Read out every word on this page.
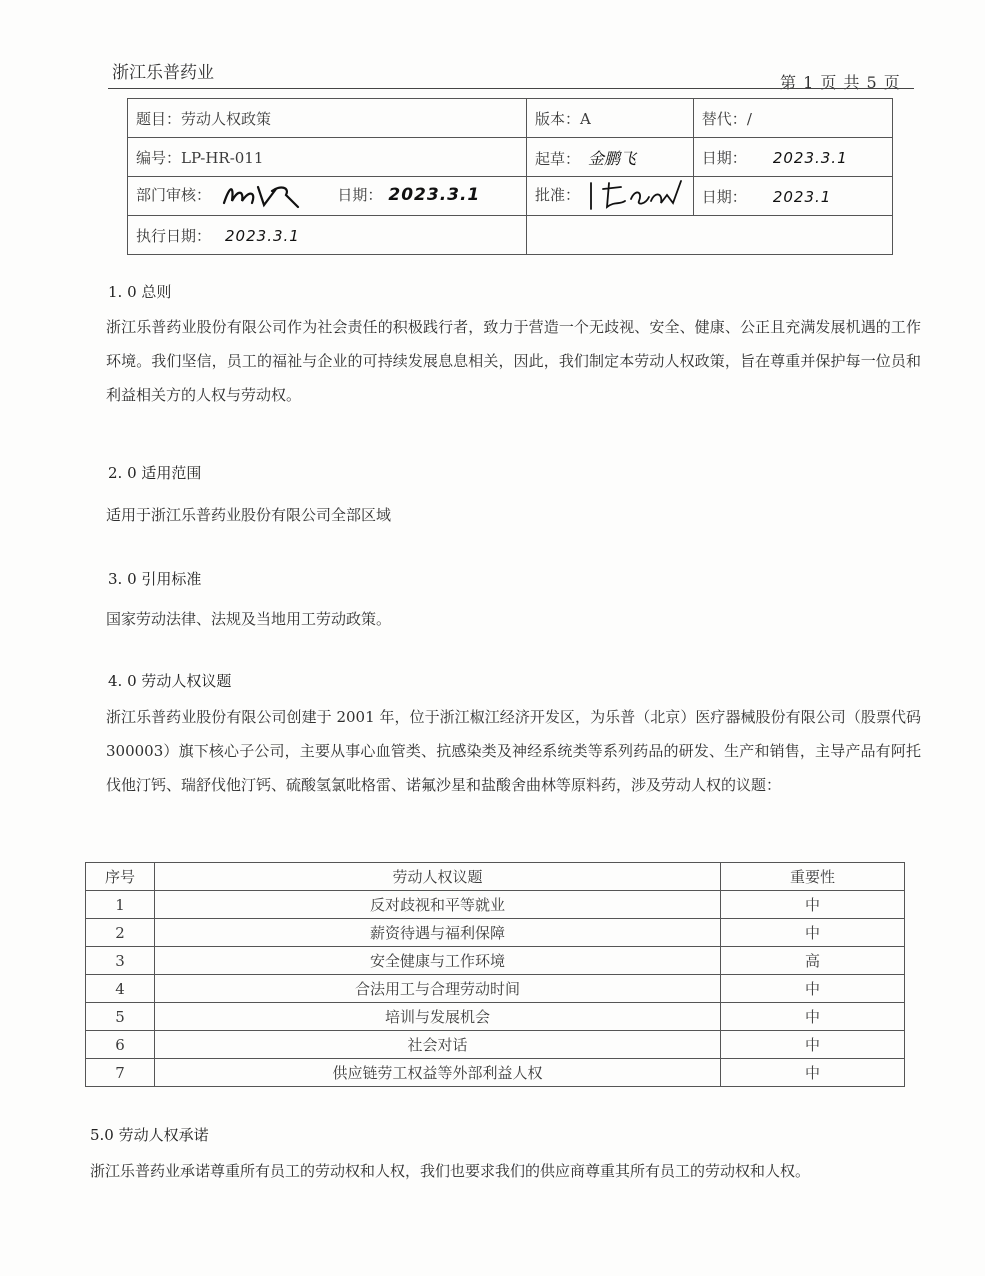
浙江乐普药业	第 1 页 共 5 页
题目：劳动人权政策	版本：A	替代：/
编号：LP-HR-011	起草： 金鹏飞	日期： 2023.3.1
部门审核： 日期： 2023.3.1	批准：	日期： 2023.1
执行日期： 2023.3.1		
1. 0 总则
浙江乐普药业股份有限公司作为社会责任的积极践行者，致力于营造一个无歧视、安全、健康、公正且充满发展机遇的工作环境。我们坚信，员工的福祉与企业的可持续发展息息相关，因此，我们制定本劳动人权政策，旨在尊重并保护每一位员和利益相关方的人权与劳动权。
2. 0 适用范围
适用于浙江乐普药业股份有限公司全部区域
3. 0 引用标准
国家劳动法律、法规及当地用工劳动政策。
4. 0 劳动人权议题
浙江乐普药业股份有限公司创建于 2001 年，位于浙江椒江经济开发区，为乐普（北京）医疗器械股份有限公司（股票代码 300003）旗下核心子公司，主要从事心血管类、抗感染类及神经系统类等系列药品的研发、生产和销售，主导产品有阿托伐他汀钙、瑞舒伐他汀钙、硫酸氢氯吡格雷、诺氟沙星和盐酸舍曲林等原料药，涉及劳动人权的议题：
序号	劳动人权议题	重要性
1	反对歧视和平等就业	中
2	薪资待遇与福利保障	中
3	安全健康与工作环境	高
4	合法用工与合理劳动时间	中
5	培训与发展机会	中
6	社会对话	中
7	供应链劳工权益等外部利益人权	中
5.0 劳动人权承诺
浙江乐普药业承诺尊重所有员工的劳动权和人权，我们也要求我们的供应商尊重其所有员工的劳动权和人权。
